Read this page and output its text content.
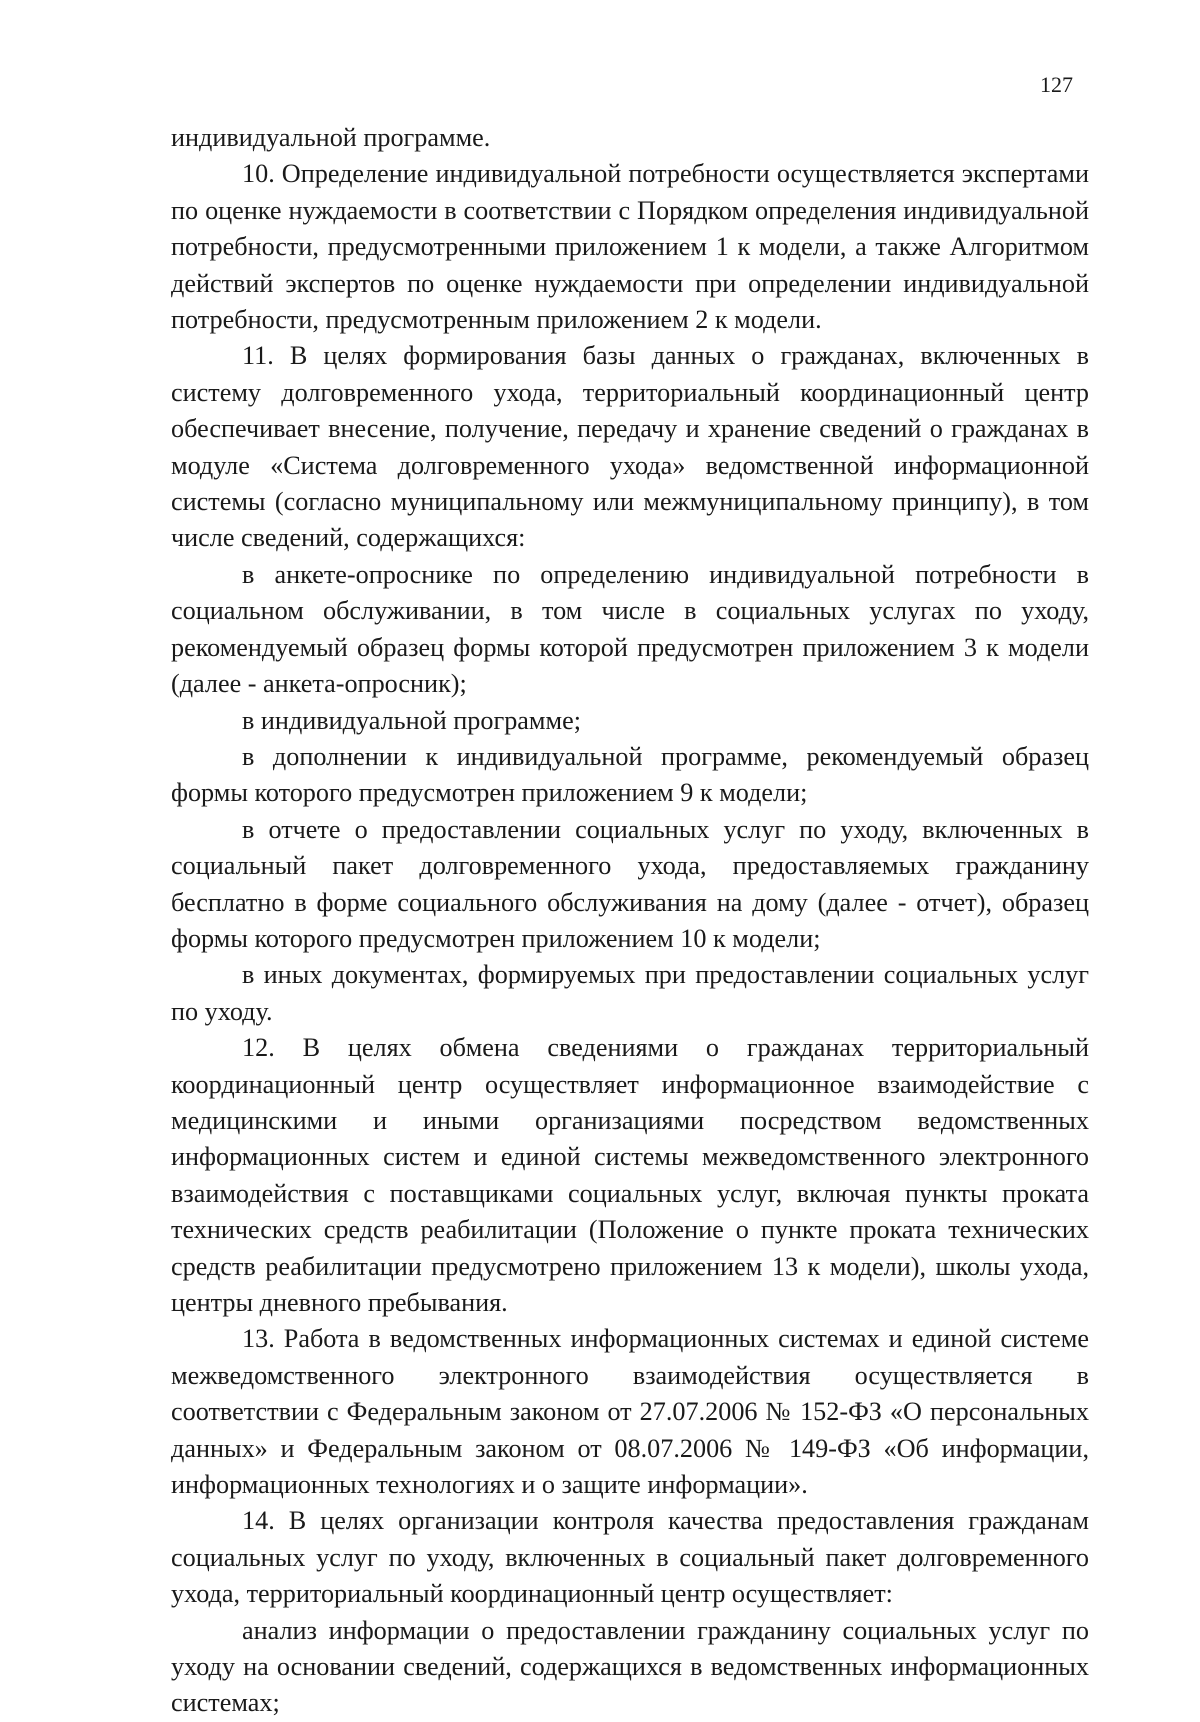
127

индивидуальной программе.

10. Определение индивидуальной потребности осуществляется экспертами по оценке нуждаемости в соответствии с Порядком определения индивидуальной потребности, предусмотренными приложением 1 к модели, а также Алгоритмом действий экспертов по оценке нуждаемости при определении индивидуальной потребности, предусмотренным приложением 2 к модели.

11. В целях формирования базы данных о гражданах, включенных в систему долговременного ухода, территориальный координационный центр обеспечивает внесение, получение, передачу и хранение сведений о гражданах в модуле «Система долговременного ухода» ведомственной информационной системы (согласно муниципальному или межмуниципальному принципу), в том числе сведений, содержащихся:

в анкете-опроснике по определению индивидуальной потребности в социальном обслуживании, в том числе в социальных услугах по уходу, рекомендуемый образец формы которой предусмотрен приложением 3 к модели (далее - анкета-опросник);

в индивидуальной программе;

в дополнении к индивидуальной программе, рекомендуемый образец формы которого предусмотрен приложением 9 к модели;

в отчете о предоставлении социальных услуг по уходу, включенных в социальный пакет долговременного ухода, предоставляемых гражданину бесплатно в форме социального обслуживания на дому (далее - отчет), образец формы которого предусмотрен приложением 10 к модели;

в иных документах, формируемых при предоставлении социальных услуг по уходу.

12. В целях обмена сведениями о гражданах территориальный координационный центр осуществляет информационное взаимодействие с медицинскими и иными организациями посредством ведомственных информационных систем и единой системы межведомственного электронного взаимодействия с поставщиками социальных услуг, включая пункты проката технических средств реабилитации (Положение о пункте проката технических средств реабилитации предусмотрено приложением 13 к модели), школы ухода, центры дневного пребывания.

13. Работа в ведомственных информационных системах и единой системе межведомственного электронного взаимодействия осуществляется в соответствии с Федеральным законом от 27.07.2006 № 152-ФЗ «О персональных данных» и Федеральным законом от 08.07.2006 № 149-ФЗ «Об информации, информационных технологиях и о защите информации».

14. В целях организации контроля качества предоставления гражданам социальных услуг по уходу, включенных в социальный пакет долговременного ухода, территориальный координационный центр осуществляет:

анализ информации о предоставлении гражданину социальных услуг по уходу на основании сведений, содержащихся в ведомственных информационных системах;
